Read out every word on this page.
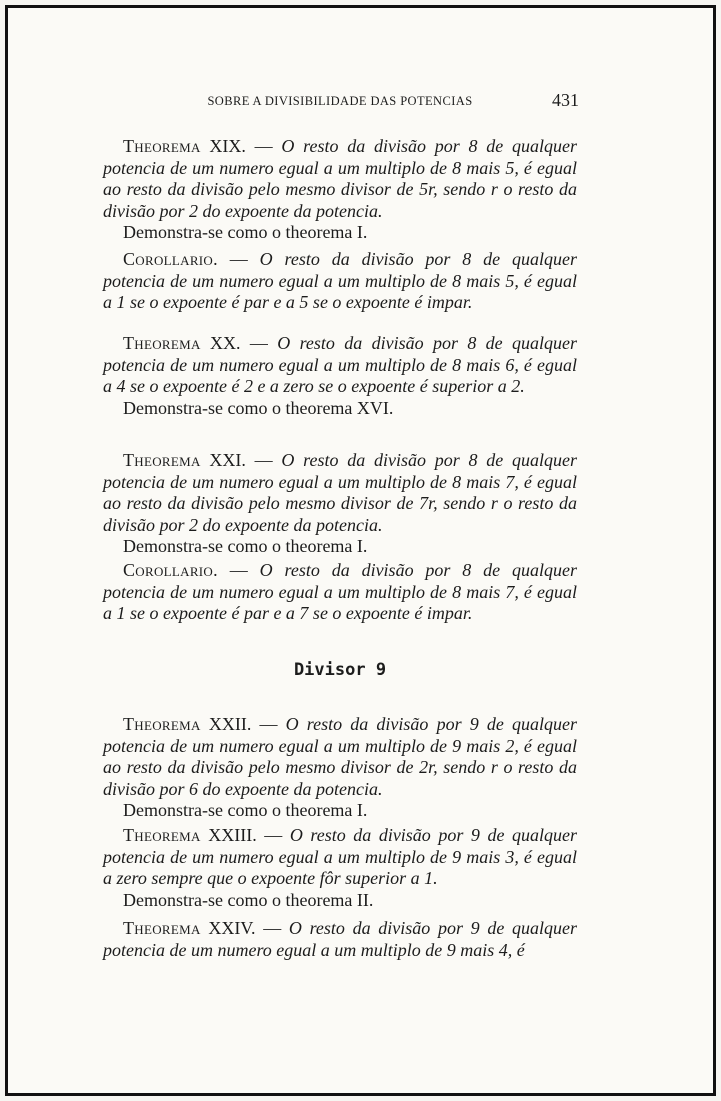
SOBRE A DIVISIBILIDADE DAS POTENCIAS	431

Theorema XIX. — O resto da divisão por 8 de qualquer potencia de um numero egual a um multiplo de 8 mais 5, é egual ao resto da divisão pelo mesmo divisor de 5r, sendo r o resto da divisão por 2 do expoente da potencia.

Demonstra-se como o theorema I.

Corollario. — O resto da divisão por 8 de qualquer potencia de um numero egual a um multiplo de 8 mais 5, é egual a 1 se o expoente é par e a 5 se o expoente é impar.

Theorema XX. — O resto da divisão por 8 de qualquer potencia de um numero egual a um multiplo de 8 mais 6, é egual a 4 se o expoente é 2 e a zero se o expoente é superior a 2.

Demonstra-se como o theorema XVI.

Theorema XXI. — O resto da divisão por 8 de qualquer potencia de um numero egual a um multiplo de 8 mais 7, é egual ao resto da divisão pelo mesmo divisor de 7r, sendo r o resto da divisão por 2 do expoente da potencia.

Demonstra-se como o theorema I.

Corollario. — O resto da divisão por 8 de qualquer potencia de um numero egual a um multiplo de 8 mais 7, é egual a 1 se o expoente é par e a 7 se o expoente é impar.

Divisor 9

Theorema XXII. — O resto da divisão por 9 de qualquer potencia de um numero egual a um multiplo de 9 mais 2, é egual ao resto da divisão pelo mesmo divisor de 2r, sendo r o resto da divisão por 6 do expoente da potencia.

Demonstra-se como o theorema I.

Theorema XXIII. — O resto da divisão por 9 de qualquer potencia de um numero egual a um multiplo de 9 mais 3, é egual a zero sempre que o expoente fôr superior a 1.

Demonstra-se como o theorema II.

Theorema XXIV. — O resto da divisão por 9 de qualquer potencia de um numero egual a um multiplo de 9 mais 4, é
